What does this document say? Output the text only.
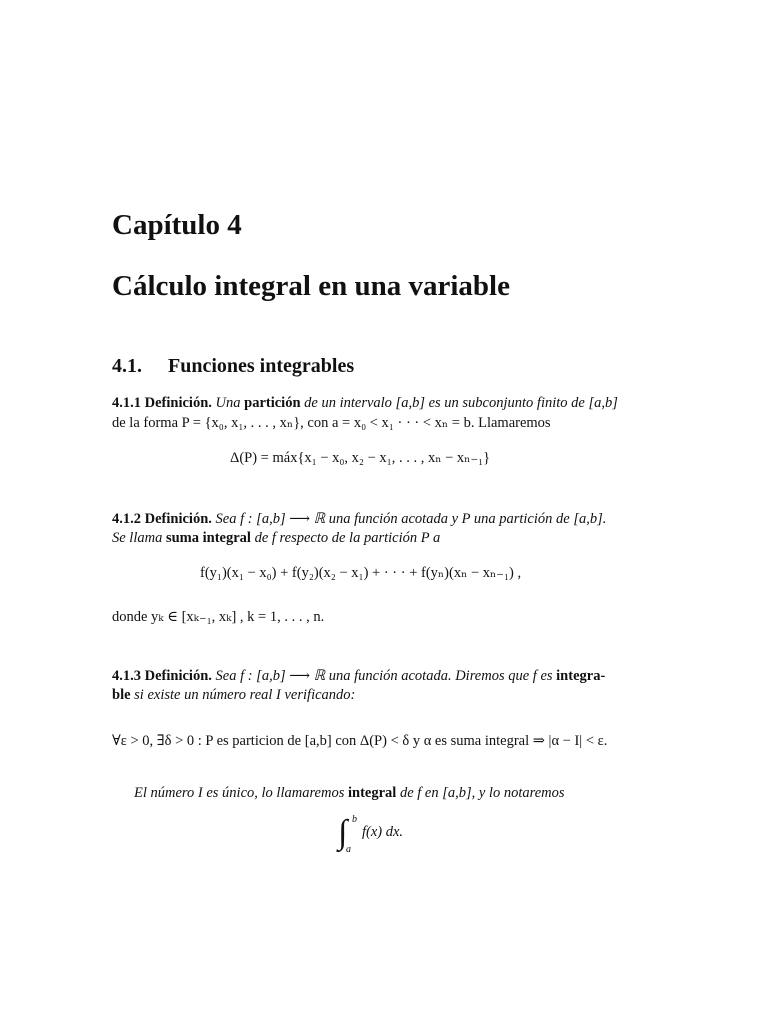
Capítulo 4
Cálculo integral en una variable
4.1. Funciones integrables
4.1.1 Definición. Una partición de un intervalo [a,b] es un subconjunto finito de [a,b]
de la forma P = {x₀, x₁, . . . , xₙ}, con a = x₀ < x₁ · · · < xₙ = b. Llamaremos
Δ(P) = máx{x₁ − x₀, x₂ − x₁, . . . , xₙ − xₙ₋₁}
4.1.2 Definición. Sea f : [a,b] ⟶ ℝ una función acotada y P una partición de [a,b].
Se llama suma integral de f respecto de la partición P a
f(y₁)(x₁ − x₀) + f(y₂)(x₂ − x₁) + · · · + f(yₙ)(xₙ − xₙ₋₁) ,
donde yₖ ∈ [xₖ₋₁, xₖ] , k = 1, . . . , n.
4.1.3 Definición. Sea f : [a,b] ⟶ ℝ una función acotada. Diremos que f es integra-
ble si existe un número real I verificando:
∀ε > 0, ∃δ > 0 : P es particion de [a,b] con Δ(P) < δ y α es suma integral ⇒ |α − I| < ε.
El número I es único, lo llamaremos integral de f en [a,b], y lo notaremos
∫ b
a
f(x) dx.
